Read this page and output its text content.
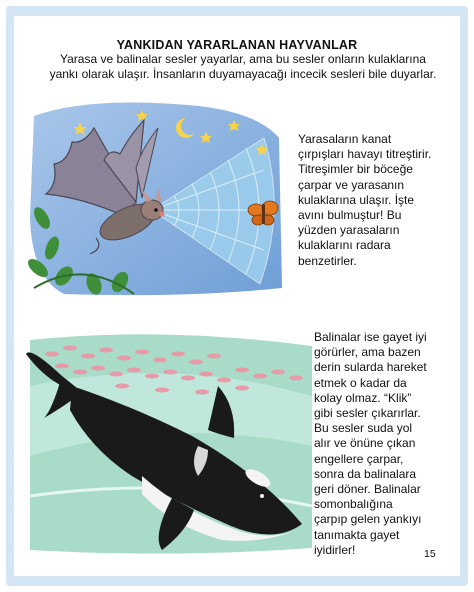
YANKIDAN YARARLANAN HAYVANLAR
Yarasa ve balinalar sesler yayarlar, ama bu sesler onların kulaklarına
yankı olarak ulaşır. İnsanların duyamayacağı incecik sesleri bile duyarlar.
Yarasaların kanat
çırpışları havayı titreştirir.
Titreşimler bir böceğe
çarpar ve yarasanın
kulaklarına ulaşır. İşte
avını bulmuştur! Bu
yüzden yarasaların
kulaklarını radara
benzetirler.
Balinalar ise gayet iyi
görürler, ama bazen
derin sularda hareket
etmek o kadar da
kolay olmaz. “Klik”
gibi sesler çıkarırlar.
Bu sesler suda yol
alır ve önüne çıkan
engellere çarpar,
sonra da balinalara
geri döner. Balinalar
somonbalığına
çarpıp gelen yankıyı
tanımakta gayet
iyidirler!	15
